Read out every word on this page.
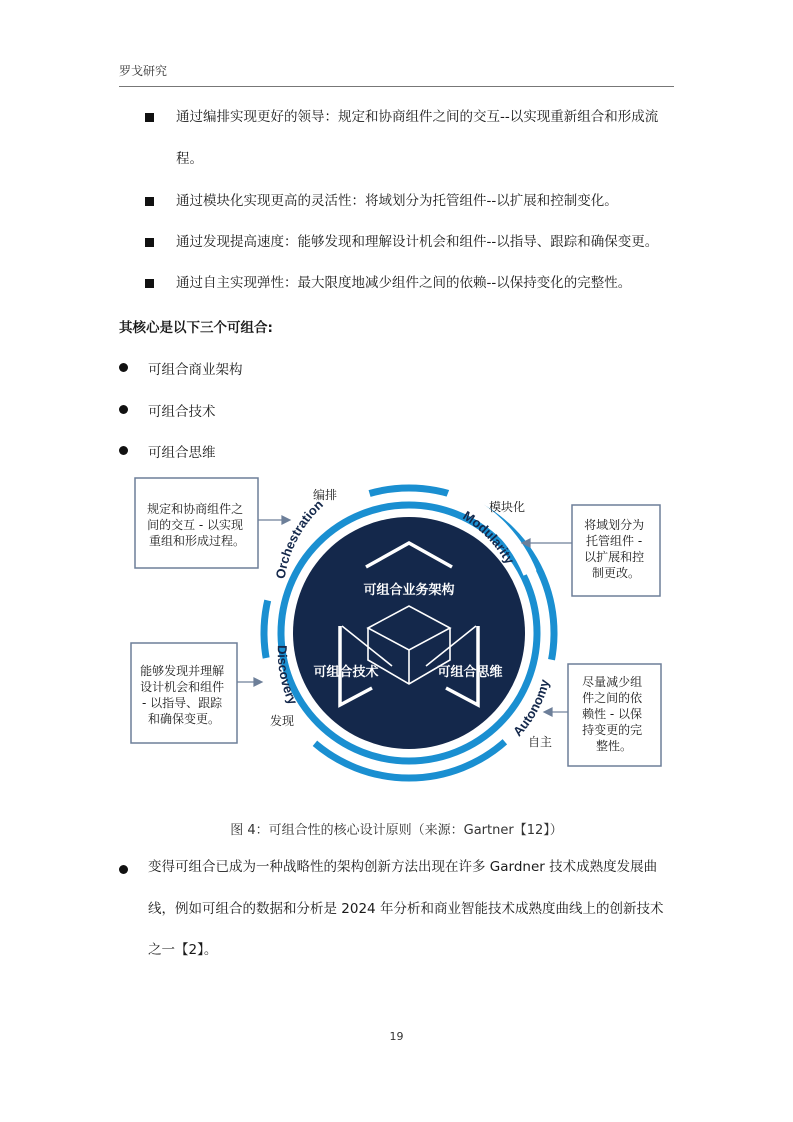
罗戈研究
通过编排实现更好的领导：规定和协商组件之间的交互--以实现重新组合和形成流
程。
通过模块化实现更高的灵活性：将域划分为托管组件--以扩展和控制变化。
通过发现提高速度：能够发现和理解设计机会和组件--以指导、跟踪和确保变更。
通过自主实现弹性：最大限度地减少组件之间的依赖--以保持变化的完整性。
其核心是以下三个可组合:
可组合商业架构
可组合技术
可组合思维
Orchestration
Modularity
Discovery
Autonomy
编排
模块化
发现
自主
可组合业务架构
可组合技术	可组合思维
规定和协商组件之 间的交互 - 以实现 重组和形成过程。
将域划分为 托管组件 - 以扩展和控 制更改。
能够发现并理解 设计机会和组件 - 以指导、跟踪 和确保变更。
尽量减少组 件之间的依 赖性 - 以保 持变更的完 整性。
图 4：可组合性的核心设计原则（来源：Gartner【12】）
变得可组合已成为一种战略性的架构创新方法出现在许多 Gardner 技术成熟度发展曲
线，例如可组合的数据和分析是 2024 年分析和商业智能技术成熟度曲线上的创新技术
之一【2】。
19
